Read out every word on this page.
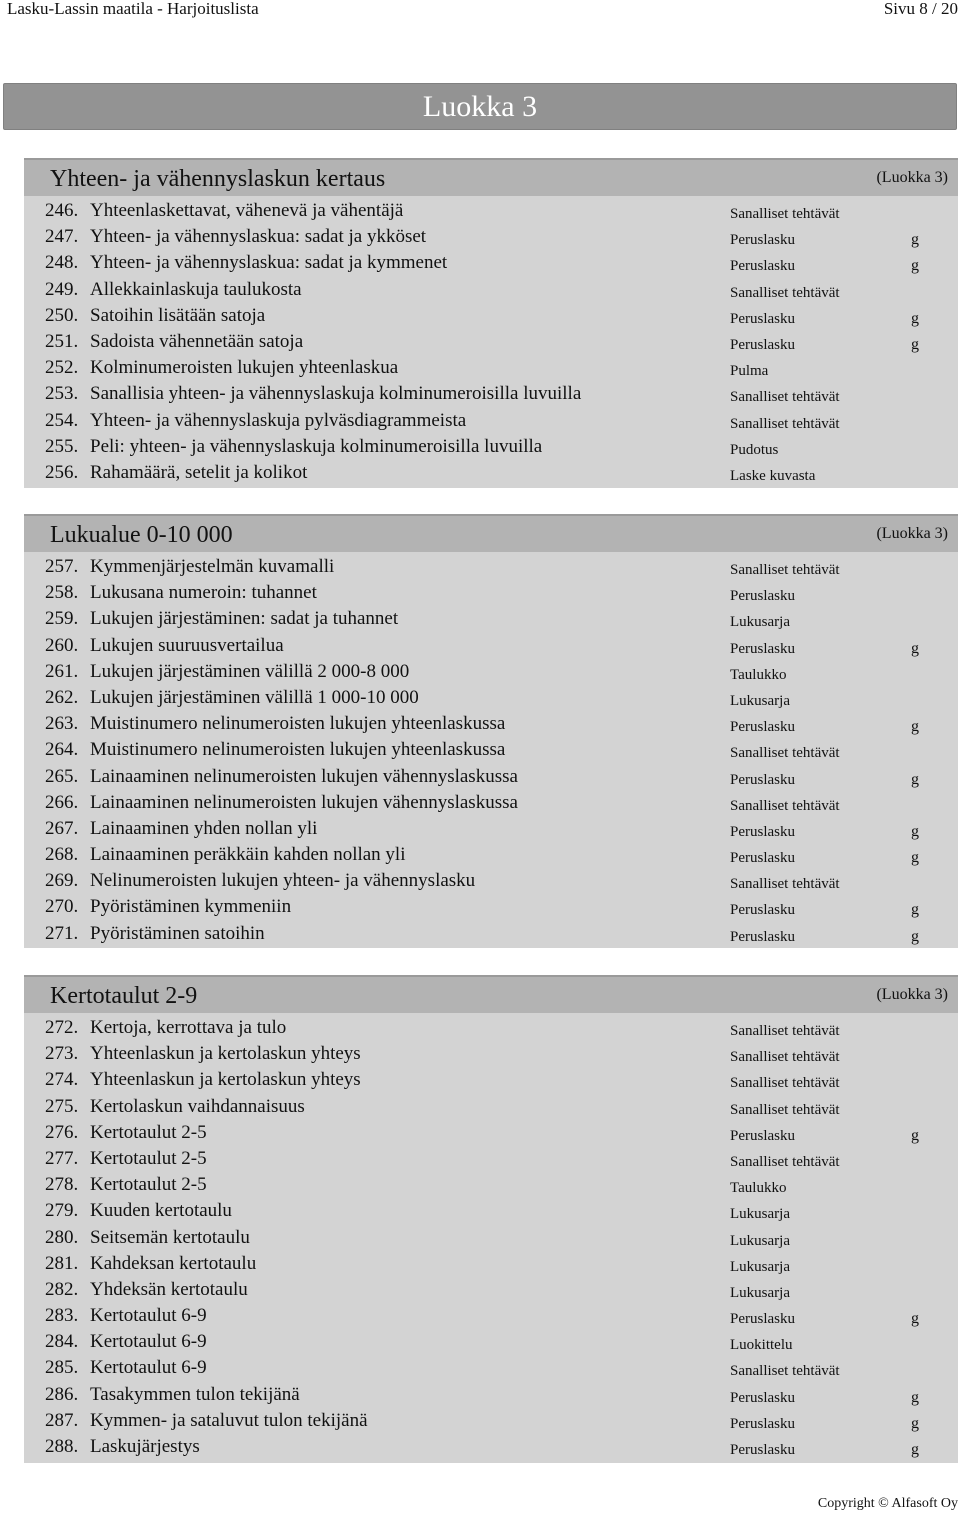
Lasku-Lassin maatila - Harjoituslista	Sivu 8 / 20
Luokka 3
Yhteen- ja vähennyslaskun kertaus	(Luokka 3)
246. Yhteenlaskettavat, vähenevä ja vähentäjä	Sanalliset tehtävät
247. Yhteen- ja vähennyslaskua: sadat ja ykköset	Peruslasku	g
248. Yhteen- ja vähennyslaskua: sadat ja kymmenet	Peruslasku	g
249. Allekkainlaskuja taulukosta	Sanalliset tehtävät
250. Satoihin lisätään satoja	Peruslasku	g
251. Sadoista vähennetään satoja	Peruslasku	g
252. Kolminumeroisten lukujen yhteenlaskua	Pulma
253. Sanallisia yhteen- ja vähennyslaskuja kolminumeroisilla luvuilla	Sanalliset tehtävät
254. Yhteen- ja vähennyslaskuja pylväsdiagrammeista	Sanalliset tehtävät
255. Peli: yhteen- ja vähennyslaskuja kolminumeroisilla luvuilla	Pudotus
256. Rahamäärä, setelit ja kolikot	Laske kuvasta
Lukualue 0-10 000	(Luokka 3)
257. Kymmenjärjestelmän kuvamalli	Sanalliset tehtävät
258. Lukusana numeroin: tuhannet	Peruslasku
259. Lukujen järjestäminen: sadat ja tuhannet	Lukusarja
260. Lukujen suuruusvertailua	Peruslasku	g
261. Lukujen järjestäminen välillä 2 000-8 000	Taulukko
262. Lukujen järjestäminen välillä 1 000-10 000	Lukusarja
263. Muistinumero nelinumeroisten lukujen yhteenlaskussa	Peruslasku	g
264. Muistinumero nelinumeroisten lukujen yhteenlaskussa	Sanalliset tehtävät
265. Lainaaminen nelinumeroisten lukujen vähennyslaskussa	Peruslasku	g
266. Lainaaminen nelinumeroisten lukujen vähennyslaskussa	Sanalliset tehtävät
267. Lainaaminen yhden nollan yli	Peruslasku	g
268. Lainaaminen peräkkäin kahden nollan yli	Peruslasku	g
269. Nelinumeroisten lukujen yhteen- ja vähennyslasku	Sanalliset tehtävät
270. Pyöristäminen kymmeniin	Peruslasku	g
271. Pyöristäminen satoihin	Peruslasku	g
Kertotaulut 2-9	(Luokka 3)
272. Kertoja, kerrottava ja tulo	Sanalliset tehtävät
273. Yhteenlaskun ja kertolaskun yhteys	Sanalliset tehtävät
274. Yhteenlaskun ja kertolaskun yhteys	Sanalliset tehtävät
275. Kertolaskun vaihdannaisuus	Sanalliset tehtävät
276. Kertotaulut 2-5	Peruslasku	g
277. Kertotaulut 2-5	Sanalliset tehtävät
278. Kertotaulut 2-5	Taulukko
279. Kuuden kertotaulu	Lukusarja
280. Seitsemän kertotaulu	Lukusarja
281. Kahdeksan kertotaulu	Lukusarja
282. Yhdeksän kertotaulu	Lukusarja
283. Kertotaulut 6-9	Peruslasku	g
284. Kertotaulut 6-9	Luokittelu
285. Kertotaulut 6-9	Sanalliset tehtävät
286. Tasakymmen tulon tekijänä	Peruslasku	g
287. Kymmen- ja sataluvut tulon tekijänä	Peruslasku	g
288. Laskujärjestys	Peruslasku	g
Copyright © Alfasoft Oy
